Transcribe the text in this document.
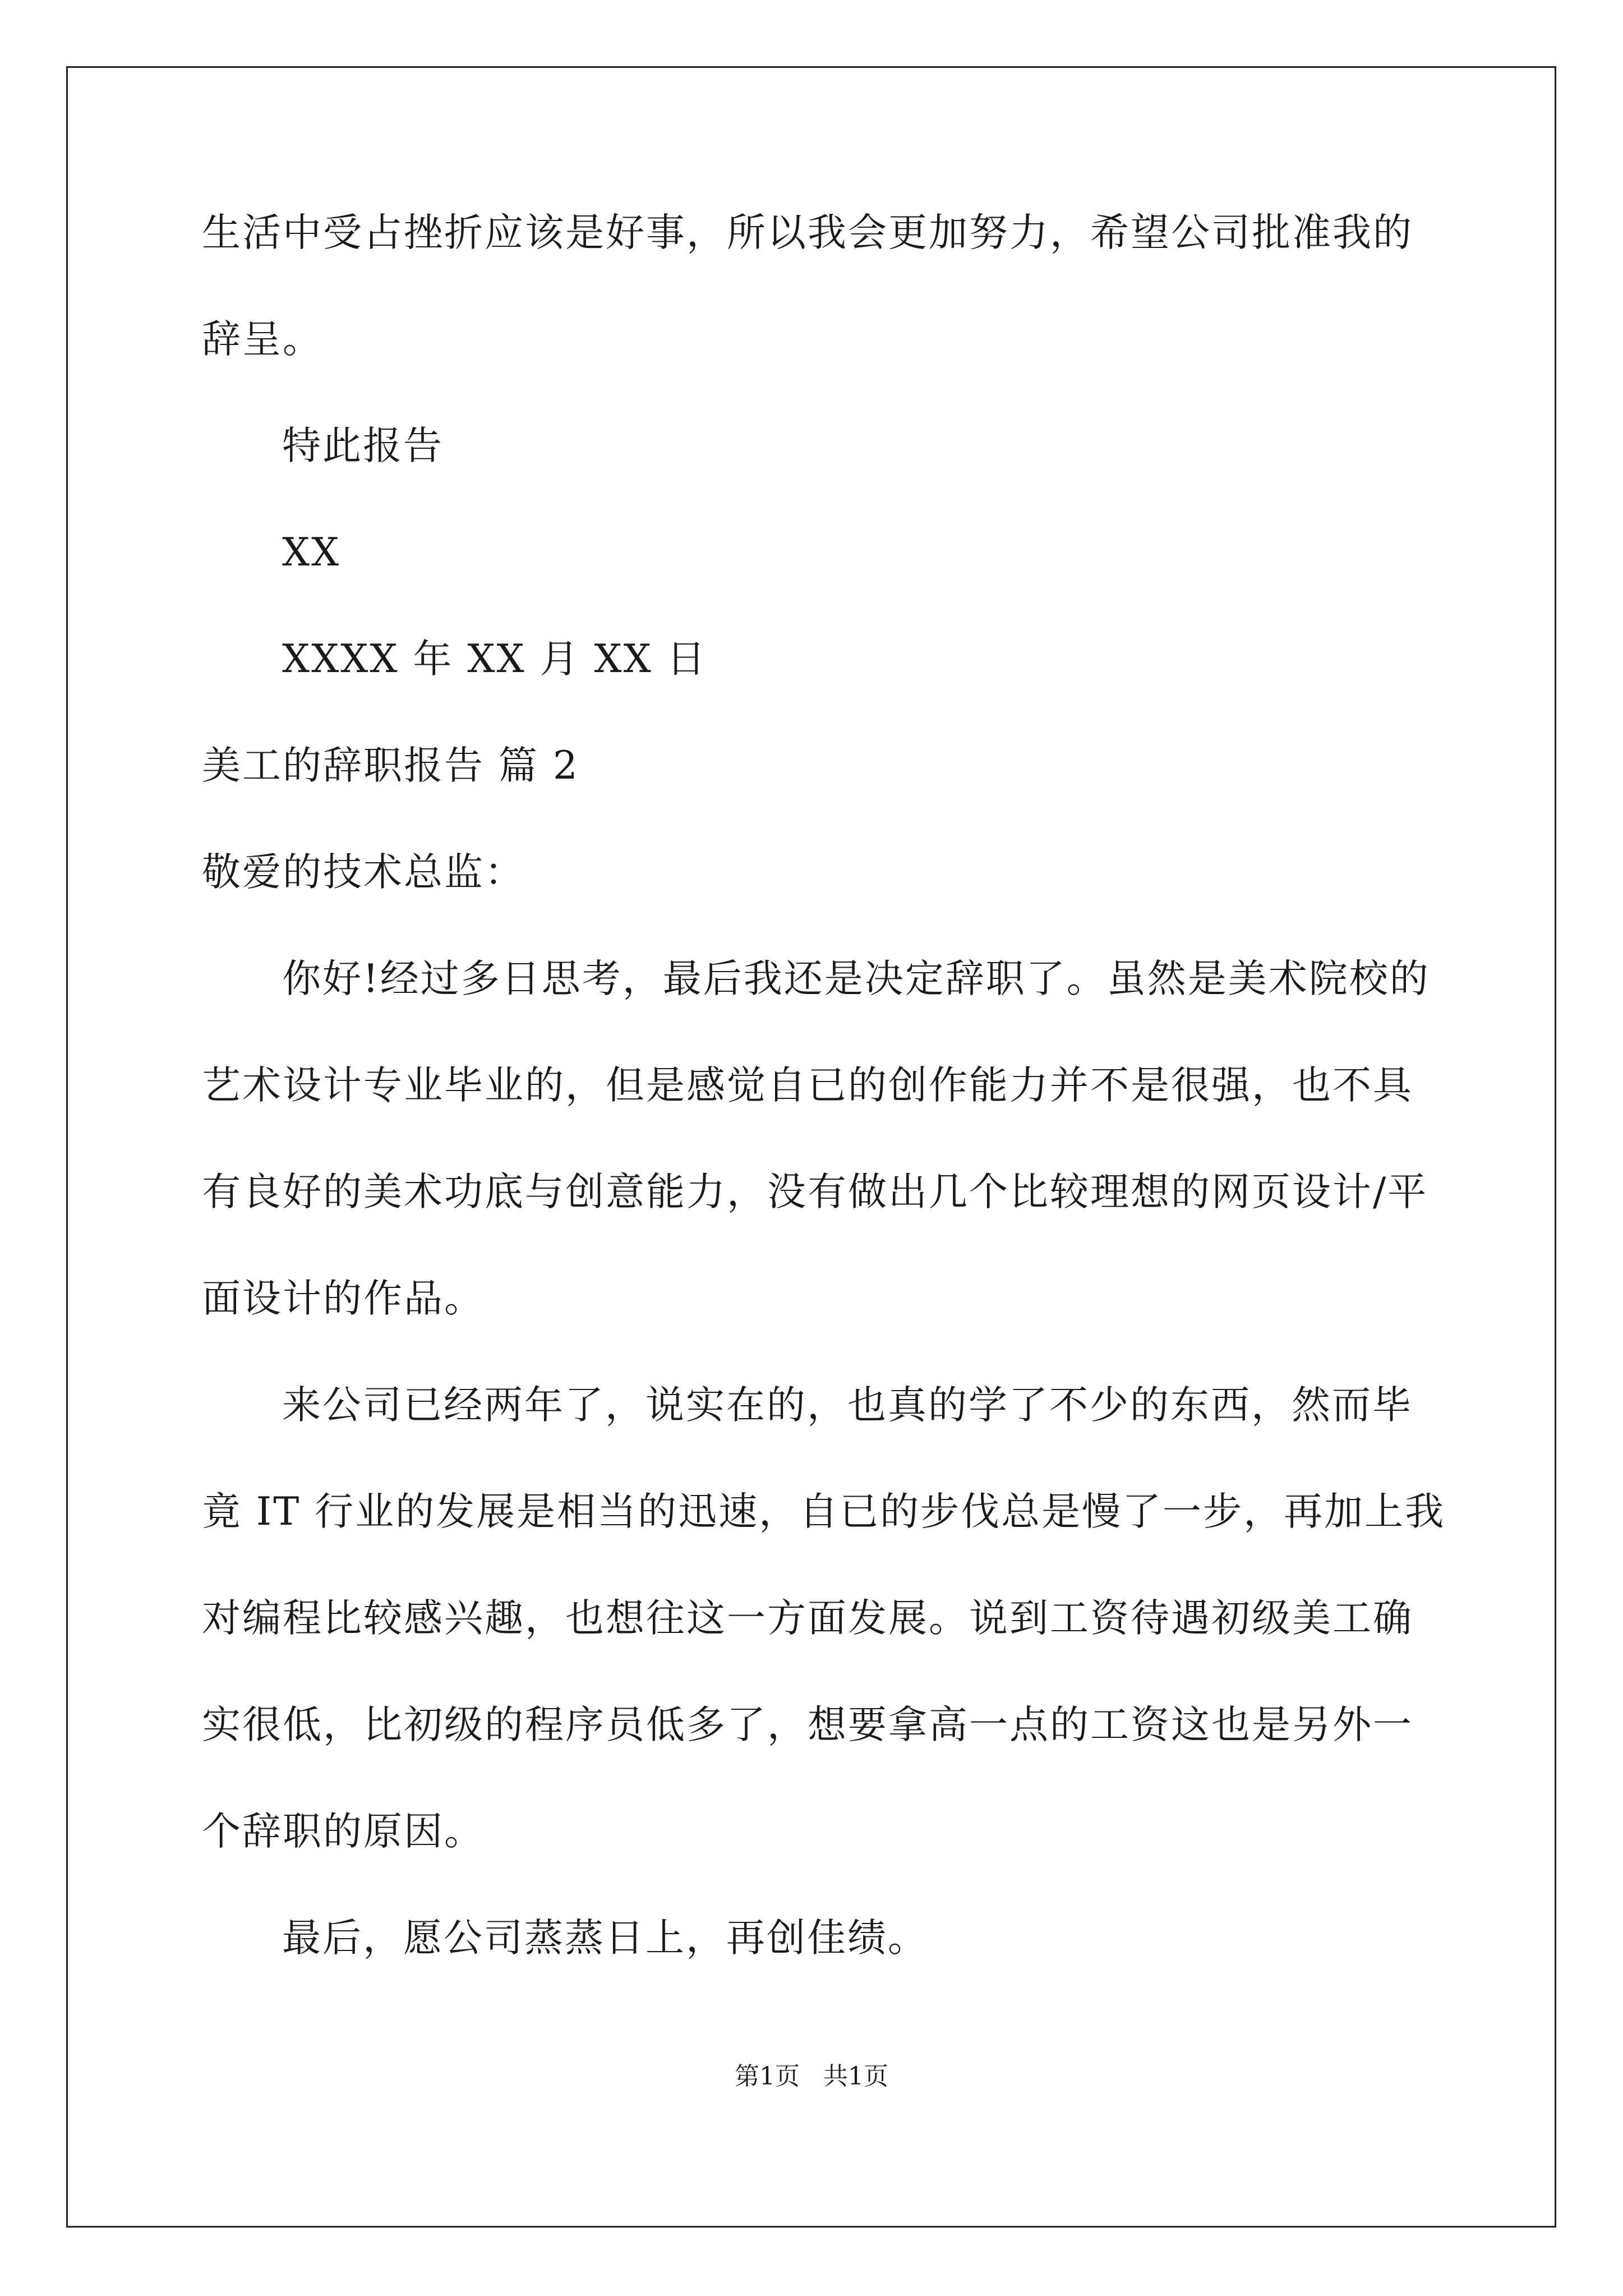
生活中受占挫折应该是好事，所以我会更加努力，希望公司批准我的
辞呈。
特此报告
XX
XXXX 年 XX 月 XX 日
美工的辞职报告 篇 2
敬爱的技术总监：
你好!经过多日思考，最后我还是决定辞职了。虽然是美术院校的
艺术设计专业毕业的，但是感觉自已的创作能力并不是很强，也不具
有良好的美术功底与创意能力，没有做出几个比较理想的网页设计/平
面设计的作品。
来公司已经两年了，说实在的，也真的学了不少的东西，然而毕
竟 IT 行业的发展是相当的迅速，自已的步伐总是慢了一步，再加上我
对编程比较感兴趣，也想往这一方面发展。说到工资待遇初级美工确
实很低，比初级的程序员低多了，想要拿高一点的工资这也是另外一
个辞职的原因。
最后，愿公司蒸蒸日上，再创佳绩。
第1页   共1页
